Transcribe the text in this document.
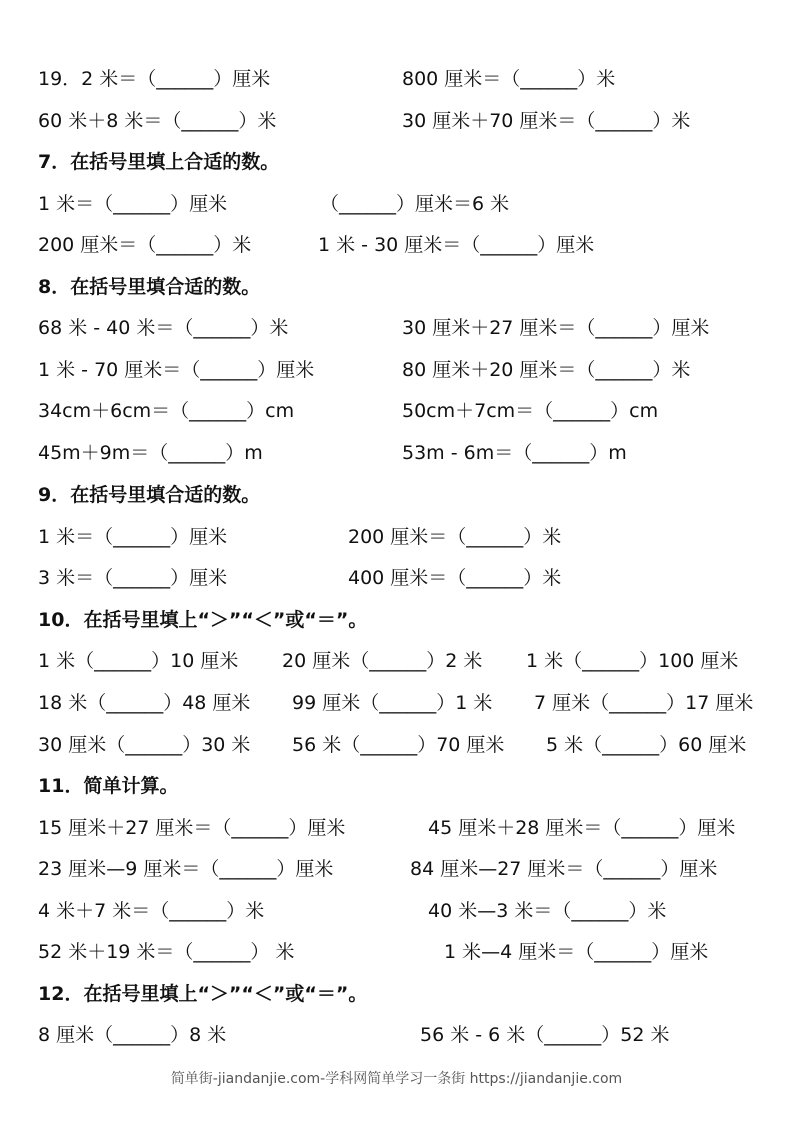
19．2 米＝（______）厘米	800 厘米＝（______）米
60 米＋8 米＝（______）米	30 厘米＋70 厘米＝（______）米
7．在括号里填上合适的数。
1 米＝（______）厘米	（______）厘米＝6 米
200 厘米＝（______）米	1 米 - 30 厘米＝（______）厘米
8．在括号里填合适的数。
68 米 - 40 米＝（______）米	30 厘米＋27 厘米＝（______）厘米
1 米 - 70 厘米＝（______）厘米	80 厘米＋20 厘米＝（______）米
34cm＋6cm＝（______）cm	50cm＋7cm＝（______）cm
45m＋9m＝（______）m	53m - 6m＝（______）m
9．在括号里填合适的数。
1 米＝（______）厘米	200 厘米＝（______）米
3 米＝（______）厘米	400 厘米＝（______）米
10．在括号里填上“＞”“＜”或“＝”。
1 米（______）10 厘米 20 厘米（______）2 米 1 米（______）100 厘米
18 米（______）48 厘米 99 厘米（______）1 米 7 厘米（______）17 厘米
30 厘米（______）30 米 56 米（______）70 厘米 5 米（______）60 厘米
11．简单计算。
15 厘米＋27 厘米＝（______）厘米	45 厘米＋28 厘米＝（______）厘米
23 厘米—9 厘米＝（______）厘米	84 厘米—27 厘米＝（______）厘米
4 米＋7 米＝（______）米	40 米—3 米＝（______）米
52 米＋19 米＝（______） 米	1 米—4 厘米＝（______）厘米
12．在括号里填上“＞”“＜”或“＝”。
8 厘米（______）8 米	56 米 - 6 米（______）52 米
简单街-jiandanjie.com-学科网简单学习一条街 https://jiandanjie.com
